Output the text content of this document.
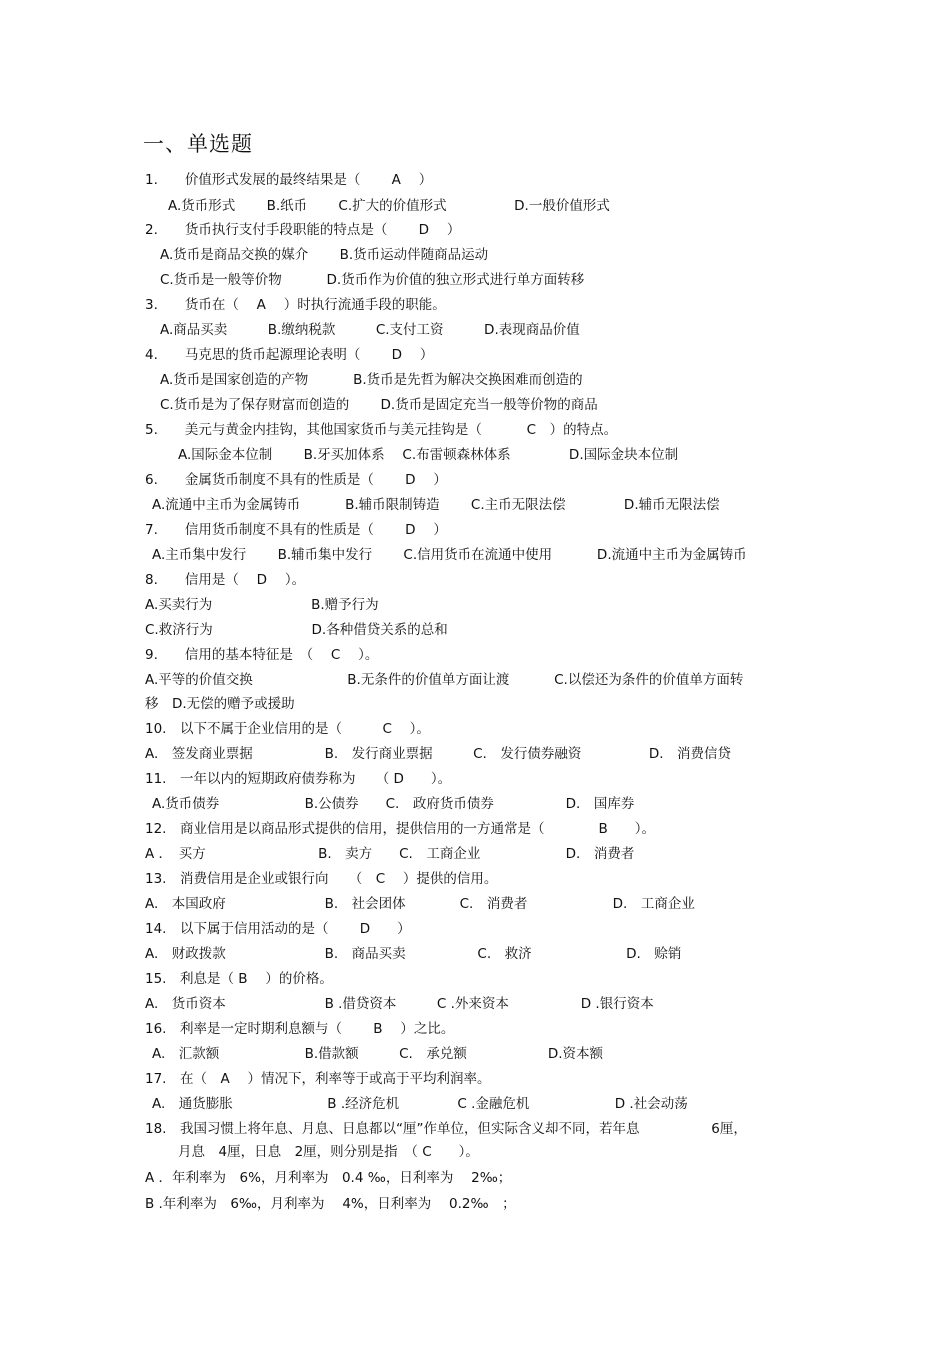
一、单选题
1.　　价值形式发展的最终结果是（　　 A　 ）
A.货币形式　　 B.纸币　　 C.扩大的价值形式　　　　　D.一般价值形式
2.　　货币执行支付手段职能的特点是（　　 D　 ）
A.货币是商品交换的媒介　　 B.货币运动伴随商品运动
C.货币是一般等价物　　　 D.货币作为价值的独立形式进行单方面转移
3.　　货币在（　 A　 ）时执行流通手段的职能。
A.商品买卖　　　B.缴纳税款　　　C.支付工资　　　D.表现商品价值
4.　　马克思的货币起源理论表明（　　 D　 ）
A.货币是国家创造的产物　　　 B.货币是先哲为解决交换困难而创造的
C.货币是为了保存财富而创造的　　 D.货币是固定充当一般等价物的商品
5.　　美元与黄金内挂钩，其他国家货币与美元挂钩是（　　　 C　）的特点。
A.国际金本位制　　 B.牙买加体系　 C.布雷顿森林体系　　　　 D.国际金块本位制
6.　　金属货币制度不具有的性质是（　　 D　 ）
A.流通中主币为金属铸币　　　 B.辅币限制铸造　　 C.主币无限法偿　　　　 D.辅币无限法偿
7.　　信用货币制度不具有的性质是（　　 D　 ）
A.主币集中发行　　 B.辅币集中发行　　 C.信用货币在流通中使用　　　 D.流通中主币为金属铸币
8.　　信用是（　 D　 ）。
A.买卖行为　　　　　　　 B.赠予行为
C.救济行为　　　　　　　 D.各种借贷关系的总和
9.　　信用的基本特征是　（　 C　 ）。
A.平等的价值交换　　　　　　　B.无条件的价值单方面让渡　　　 C.以偿还为条件的价值单方面转
移　D.无偿的赠予或援助
10.　以下不属于企业信用的是（　　　C　 ）。
A.　签发商业票据　　　　　 B.　发行商业票据　　　C.　发行债券融资　　　　　D.　消费信贷
11.　一年以内的短期政府债券称为　　（ D　　）。
A.货币债券　　　　　　 B.公债券　　C.　政府货币债券　　　　　 D.　国库券
12.　商业信用是以商品形式提供的信用，提供信用的一方通常是（　　　　B　　）。
A ．　买方　　　　　　　　 B.　卖方　　C.　工商企业　　　　　　 D.　消费者
13.　消费信用是企业或银行向　　（　C　 ）提供的信用。
A.　本国政府　　　　　　　 B.　社会团体　　　　C.　消费者　　　　　　 D.　工商企业
14.　以下属于信用活动的是（　　 D　　）
A.　财政拨款　　　　　　　 B.　商品买卖　　　　　 C.　救济　　　　　　　D.　赊销
15.　利息是（ B　 ）的价格。
A.　货币资本　　　　　　　 B .借贷资本　　　C .外来资本　　　　　 D .银行资本
16.　利率是一定时期利息额与（　　 B　 ）之比。
A.　汇款额　　　　　　 B.借款额　　　C.　承兑额　　　　　　D.资本额
17.　在（　A　 ）情况下，利率等于或高于平均利润率。
A.　通货膨胀　　　　　　　B .经济危机　　　　 C .金融危机　　　　　　 D .社会动荡
18.　我国习惯上将年息、月息、日息都以“厘”作单位，但实际含义却不同，若年息　　　　　 6厘，
月息　4厘，日息　2厘，则分别是指　（ C　　）。
A ．年利率为　6%，月利率为　0.4 ‰，日利率为　 2‰；
B .年利率为　6‰，月利率为　 4%，日利率为　 0.2‰　；
